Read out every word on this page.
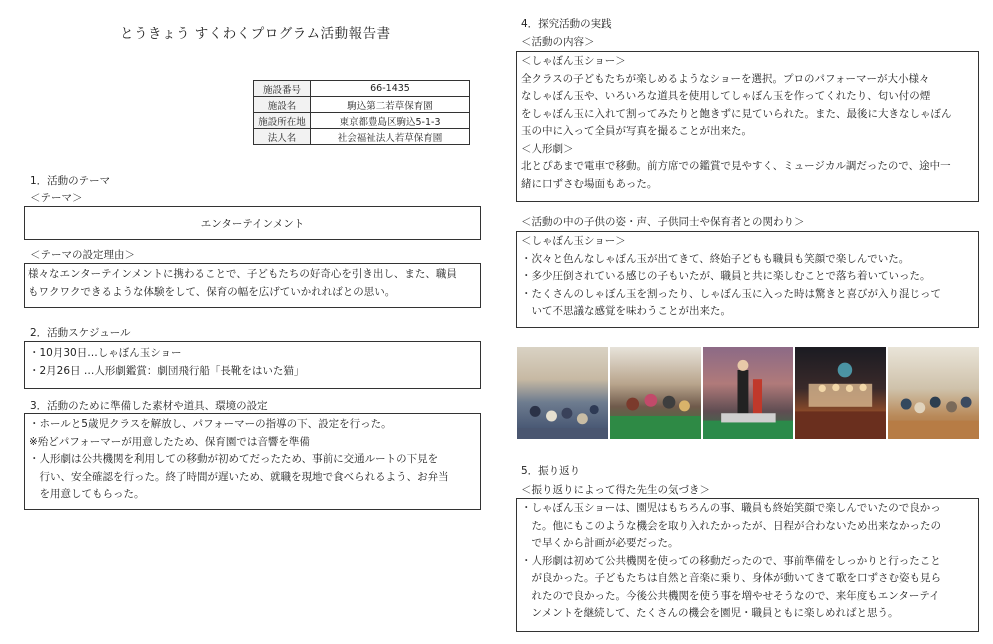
とうきょう すくわくプログラム活動報告書
施設番号	66-1435
施設名	駒込第二若草保育園
施設所在地	東京都豊島区駒込5-1-3
法人名	社会福祉法人若草保育園
1．活動のテーマ
＜テーマ＞
エンターテインメント
＜テーマの設定理由＞
様々なエンターテインメントに携わることで、子どもたちの好奇心を引き出し、また、職員
もワクワクできるような体験をして、保育の幅を広げていかれればとの思い。
2．活動スケジュール
・10月30日…しゃぼん玉ショー
・2月26日 …人形劇鑑賞：劇団飛行船「長靴をはいた猫」
3．活動のために準備した素材や道具、環境の設定
・ホールと5歳児クラスを解放し、パフォーマーの指導の下、設定を行った。
※殆どパフォーマーが用意したため、保育園では音響を準備
・人形劇は公共機関を利用しての移動が初めてだったため、事前に交通ルートの下見を
　行い、安全確認を行った。終了時間が遅いため、就職を現地で食べられるよう、お弁当
　を用意してもらった。
4．探究活動の実践
＜活動の内容＞
＜しゃぼん玉ショー＞
全クラスの子どもたちが楽しめるようなショーを選択。プロのパフォーマーが大小様々
なしゃぼん玉や、いろいろな道具を使用してしゃぼん玉を作ってくれたり、匂い付の煙
をしゃぼん玉に入れて割ってみたりと飽きずに見ていられた。また、最後に大きなしゃぼん
玉の中に入って全員が写真を撮ることが出来た。
＜人形劇＞
北とぴあまで電車で移動。前方席での鑑賞で見やすく、ミュージカル調だったので、途中一
緒に口ずさむ場面もあった。
＜活動の中の子供の姿・声、子供同士や保育者との関わり＞
＜しゃぼん玉ショー＞
・次々と色んなしゃぼん玉が出てきて、終始子どもも職員も笑顔で楽しんでいた。
・多少圧倒されている感じの子もいたが、職員と共に楽しむことで落ち着いていった。
・たくさんのしゃぼん玉を割ったり、しゃぼん玉に入った時は驚きと喜びが入り混じって
　いて不思議な感覚を味わうことが出来た。
5．振り返り
＜振り返りによって得た先生の気づき＞
・しゃぼん玉ショーは、園児はもちろんの事、職員も終始笑顔で楽しんでいたので良かっ
　た。他にもこのような機会を取り入れたかったが、日程が合わないため出来なかったの
　で早くから計画が必要だった。
・人形劇は初めて公共機関を使っての移動だったので、事前準備をしっかりと行ったこと
　が良かった。子どもたちは自然と音楽に乗り、身体が動いてきて歌を口ずさむ姿も見ら
　れたので良かった。今後公共機関を使う事を増やせそうなので、来年度もエンターテイ
　ンメントを継続して、たくさんの機会を園児・職員ともに楽しめればと思う。
